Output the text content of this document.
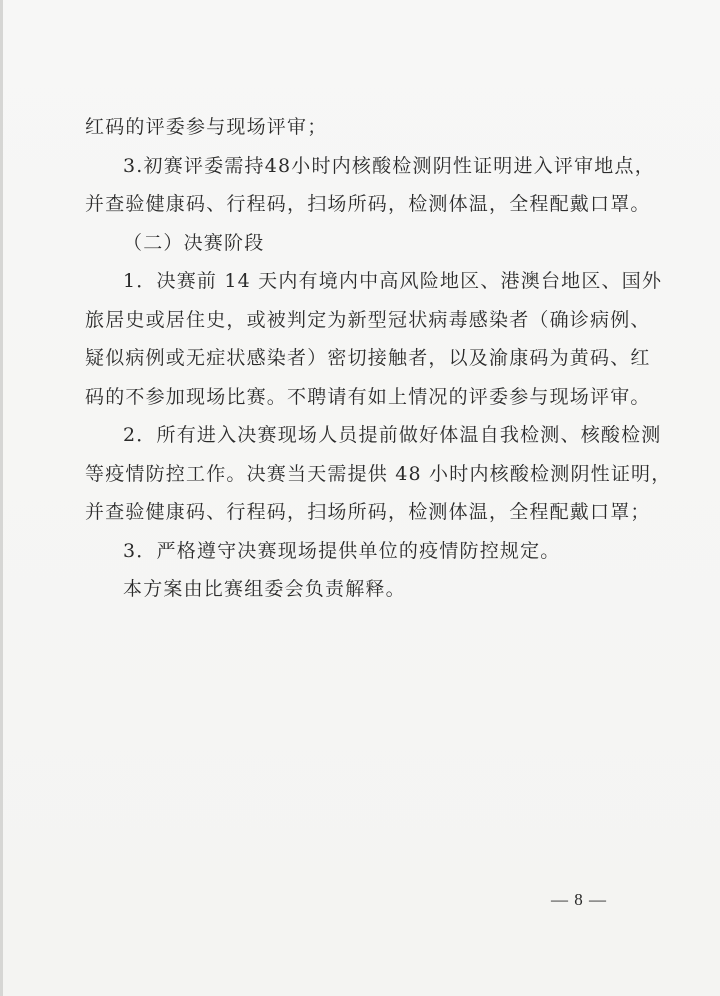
红码的评委参与现场评审；
3.初赛评委需持48小时内核酸检测阴性证明进入评审地点，
并查验健康码、行程码，扫场所码，检测体温，全程配戴口罩。
（二）决赛阶段
1．决赛前 14 天内有境内中高风险地区、港澳台地区、国外
旅居史或居住史，或被判定为新型冠状病毒感染者（确诊病例、
疑似病例或无症状感染者）密切接触者，以及渝康码为黄码、红
码的不参加现场比赛。不聘请有如上情况的评委参与现场评审。
2．所有进入决赛现场人员提前做好体温自我检测、核酸检测
等疫情防控工作。决赛当天需提供 48 小时内核酸检测阴性证明，
并查验健康码、行程码，扫场所码，检测体温，全程配戴口罩；
3．严格遵守决赛现场提供单位的疫情防控规定。
本方案由比赛组委会负责解释。
— 8 —
